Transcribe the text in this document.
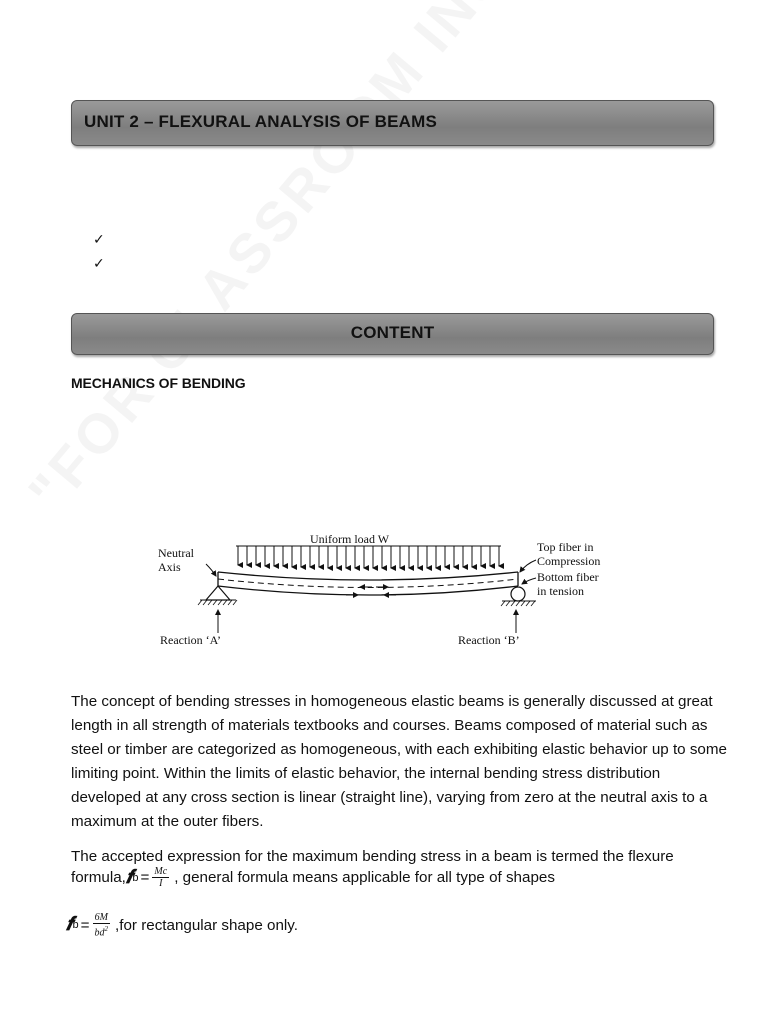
UNIT 2 – FLEXURAL ANALYSIS OF BEAMS
✓
✓
CONTENT
MECHANICS OF BENDING
Uniform load W
Reaction ‘A’	Reaction ‘B’
Neutral
Axis
Top fiber in
Compression
Bottom fiber
in tension
The concept of bending stresses in homogeneous elastic beams is generally discussed at great length in all strength of materials textbooks and courses. Beams composed of material such as steel or timber are categorized as homogeneous, with each exhibiting elastic behavior up to some limiting point. Within the limits of elastic behavior, the internal bending stress distribution developed at any cross section is linear (straight line), varying from zero at the neutral axis to a maximum at the outer fibers.
The accepted expression for the maximum bending stress in a beam is termed the flexure
formula, 𝒇 $b = \frac{Mc}{I}$ , general formula means applicable for all type of shapes
𝒇 $b = \frac{6M}{bd^2} ,for$ rectangular shape only.
